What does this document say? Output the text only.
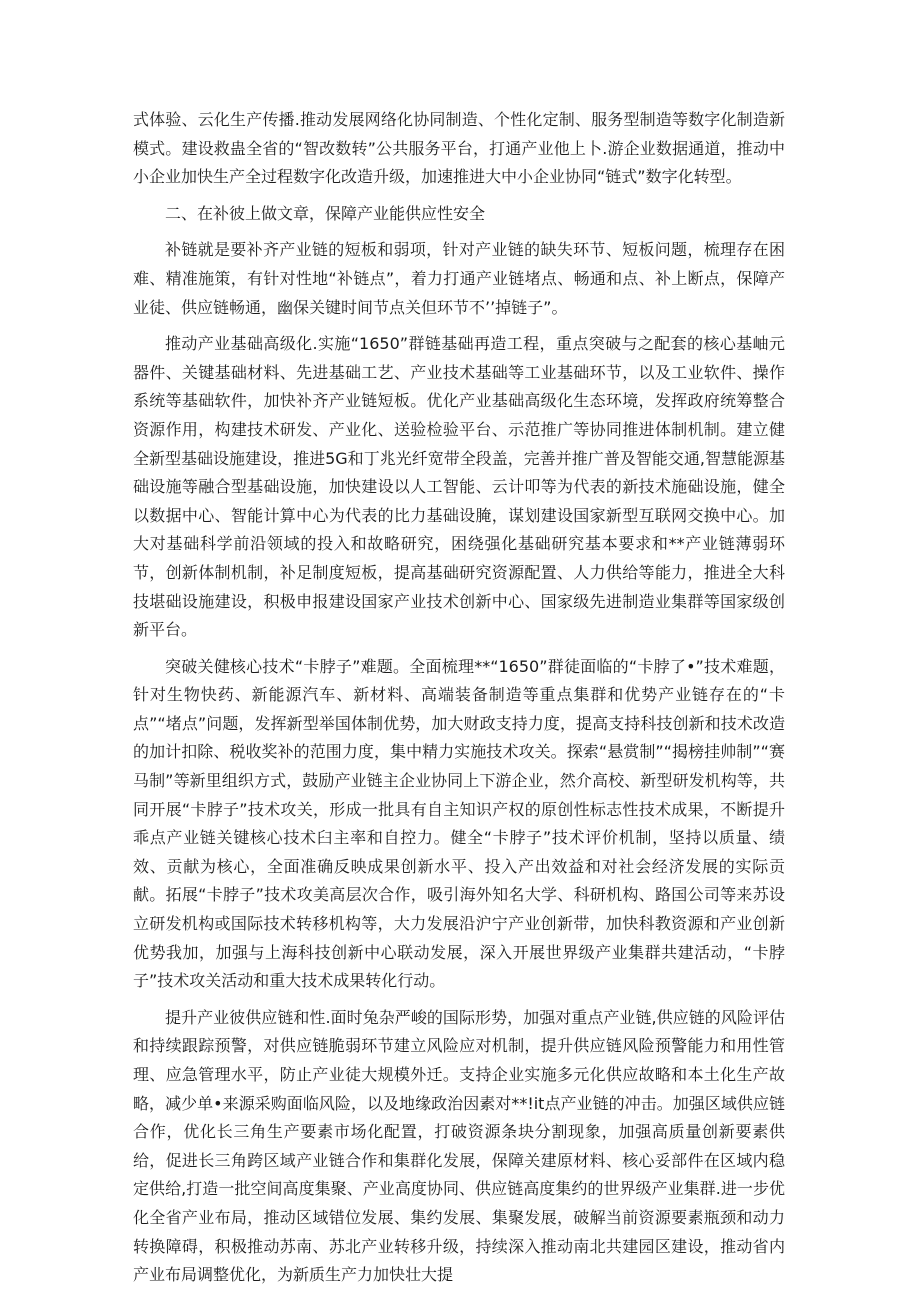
式体验、云化生产传播.推动发展网络化协同制造、个性化定制、服务型制造等数字化制造新模式。建设救蛊全省的“智改数转”公共服务平台，打通产业他上卜.游企业数据通道，推动中小企业加快生产全过程数字化改造升级，加速推进大中小企业协同“链式”数字化转型。

二、在补彼上做文章，保障产业能供应性安全

补链就是要补齐产业链的短板和弱项，针对产业链的缺失环节、短板问题，梳理存在困难、精准施策，有针对性地“补链点”，着力打通产业链堵点、畅通和点、补上断点，保障产业徒、供应链畅通，幽保关键时间节点关但环节不’’掉链子”。

推动产业基础高级化.实施“1650”群链基础再造工程，重点突破与之配套的核心基岫元器件、关键基础材料、先进基础工艺、产业技术基础等工业基础环节，以及工业软件、操作系统等基础软件，加快补齐产业链短板。优化产业基础高级化生态环境，发挥政府统筹整合资源作用，构建技术研发、产业化、送验检验平台、示范推广等协同推进体制机制。建立健全新型基础设施建设，推进5G和丁兆光纤宽带全段盖，完善并推广普及智能交通,智慧能源基础设施等融合型基础设施，加快建设以人工智能、云计叩等为代表的新技术施础设施，健全以数据中心、智能计算中心为代表的比力基础设腌，谋划建设国家新型互联网交换中心。加大对基础科学前沿领域的投入和故略研究，困绕强化基础研究基本要求和**产业链薄弱环节，创新体制机制，补足制度短板，提高基础研究资源配置、人力供给等能力，推进全大科技堪础设施建设，积极申报建设国家产业技术创新中心、国家级先进制造业集群等国家级创新平台。

突破关健核心技术“卡脖子”难题。全面梳理**“1650”群徒面临的“卡脖了•”技术难题，针对生物快药、新能源汽车、新材料、高端装备制造等重点集群和优势产业链存在的“卡点”“堵点”问题，发挥新型举国体制优势，加大财政支持力度，提高支持科技创新和技术改造的加计扣除、税收奖补的范围力度，集中精力实施技术攻关。探索“悬赏制”“揭榜挂帅制”“赛马制”等新里组织方式，鼓励产业链主企业协同上下游企业，然介高校、新型研发机构等，共同开展“卡脖子”技术攻关，形成一批具有自主知识产权的原创性标志性技术成果，不断提升乖点产业链关键核心技术臼主率和自控力。健全“卡脖子”技术评价机制，坚持以质量、绩效、贡献为核心，全面准确反映成果创新水平、投入产出效益和对社会经济发展的实际贡献。拓展“卡脖子”技术攻美高层次合作，吸引海外知名大学、科研机构、路国公司等来苏设立研发机构或国际技术转移机构等，大力发展沿沪宁产业创新带，加快科教资源和产业创新优势我加，加强与上海科技创新中心联动发展，深入开展世界级产业集群共建活动，“卡脖子”技术攻关活动和重大技术成果转化行动。

提升产业彼供应链和性.面时兔杂严峻的国际形势，加强对重点产业链,供应链的风险评估和持续跟踪预警，对供应链脆弱环节建立风险应对机制，提升供应链风险预警能力和用性管理、应急管理水平，防止产业徒大规模外迁。支持企业实施多元化供应故略和本土化生产故略，减少单•来源采购面临风险，以及地缘政治因素对**!it点产业链的冲击。加强区域供应链合作，优化长三角生产要素市场化配置，打破资源条块分割现象，加强高质量创新要素供给，促进长三角跨区域产业链合作和集群化发展，保障关建原材料、核心妥部件在区域内稳定供给,打造一批空间高度集聚、产业高度协同、供应链高度集约的世界级产业集群.进一步优化全省产业布局，推动区域错位发展、集约发展、集聚发展，破解当前资源要素瓶颈和动力转换障碍，积极推动苏南、苏北产业转移升级，持续深入推动南北共建园区建设，推动省内产业布局调整优化，为新质生产力加快壮大提
